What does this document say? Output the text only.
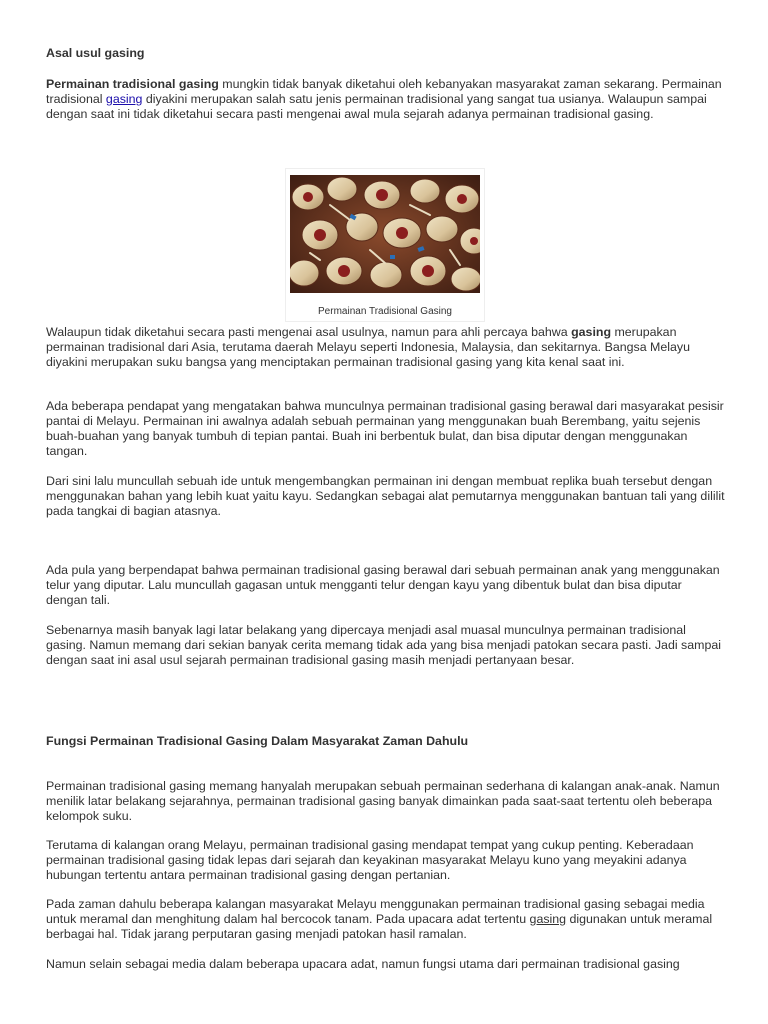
Asal usul gasing

Permainan tradisional gasing mungkin tidak banyak diketahui oleh kebanyakan masyarakat zaman sekarang. Permainan tradisional gasing diyakini merupakan salah satu jenis permainan tradisional yang sangat tua usianya. Walaupun sampai dengan saat ini tidak diketahui secara pasti mengenai awal mula sejarah adanya permainan tradisional gasing.

Permainan Tradisional Gasing

Walaupun tidak diketahui secara pasti mengenai asal usulnya, namun para ahli percaya bahwa gasing merupakan permainan tradisional dari Asia, terutama daerah Melayu seperti Indonesia, Malaysia, dan sekitarnya. Bangsa Melayu diyakini merupakan suku bangsa yang menciptakan permainan tradisional gasing yang kita kenal saat ini.

Ada beberapa pendapat yang mengatakan bahwa munculnya permainan tradisional gasing berawal dari masyarakat pesisir pantai di Melayu. Permainan ini awalnya adalah sebuah permainan yang menggunakan buah Berembang, yaitu sejenis buah-buahan yang banyak tumbuh di tepian pantai. Buah ini berbentuk bulat, dan bisa diputar dengan menggunakan tangan.

Dari sini lalu muncullah sebuah ide untuk mengembangkan permainan ini dengan membuat replika buah tersebut dengan menggunakan bahan yang lebih kuat yaitu kayu. Sedangkan sebagai alat pemutarnya menggunakan bantuan tali yang dililit pada tangkai di bagian atasnya.

Ada pula yang berpendapat bahwa permainan tradisional gasing berawal dari sebuah permainan anak yang menggunakan telur yang diputar. Lalu muncullah gagasan untuk mengganti telur dengan kayu yang dibentuk bulat dan bisa diputar dengan tali.

Sebenarnya masih banyak lagi latar belakang yang dipercaya menjadi asal muasal munculnya permainan tradisional gasing. Namun memang dari sekian banyak cerita memang tidak ada yang bisa menjadi patokan secara pasti. Jadi sampai dengan saat ini asal usul sejarah permainan tradisional gasing masih menjadi pertanyaan besar.

Fungsi Permainan Tradisional Gasing Dalam Masyarakat Zaman Dahulu

Permainan tradisional gasing memang hanyalah merupakan sebuah permainan sederhana di kalangan anak-anak. Namun menilik latar belakang sejarahnya, permainan tradisional gasing banyak dimainkan pada saat-saat tertentu oleh beberapa kelompok suku.

Terutama di kalangan orang Melayu, permainan tradisional gasing mendapat tempat yang cukup penting. Keberadaan permainan tradisional gasing tidak lepas dari sejarah dan keyakinan masyarakat Melayu kuno yang meyakini adanya hubungan tertentu antara permainan tradisional gasing dengan pertanian.

Pada zaman dahulu beberapa kalangan masyarakat Melayu menggunakan permainan tradisional gasing sebagai media untuk meramal dan menghitung dalam hal bercocok tanam. Pada upacara adat tertentu gasing digunakan untuk meramal berbagai hal. Tidak jarang perputaran gasing menjadi patokan hasil ramalan.

Namun selain sebagai media dalam beberapa upacara adat, namun fungsi utama dari permainan tradisional gasing
